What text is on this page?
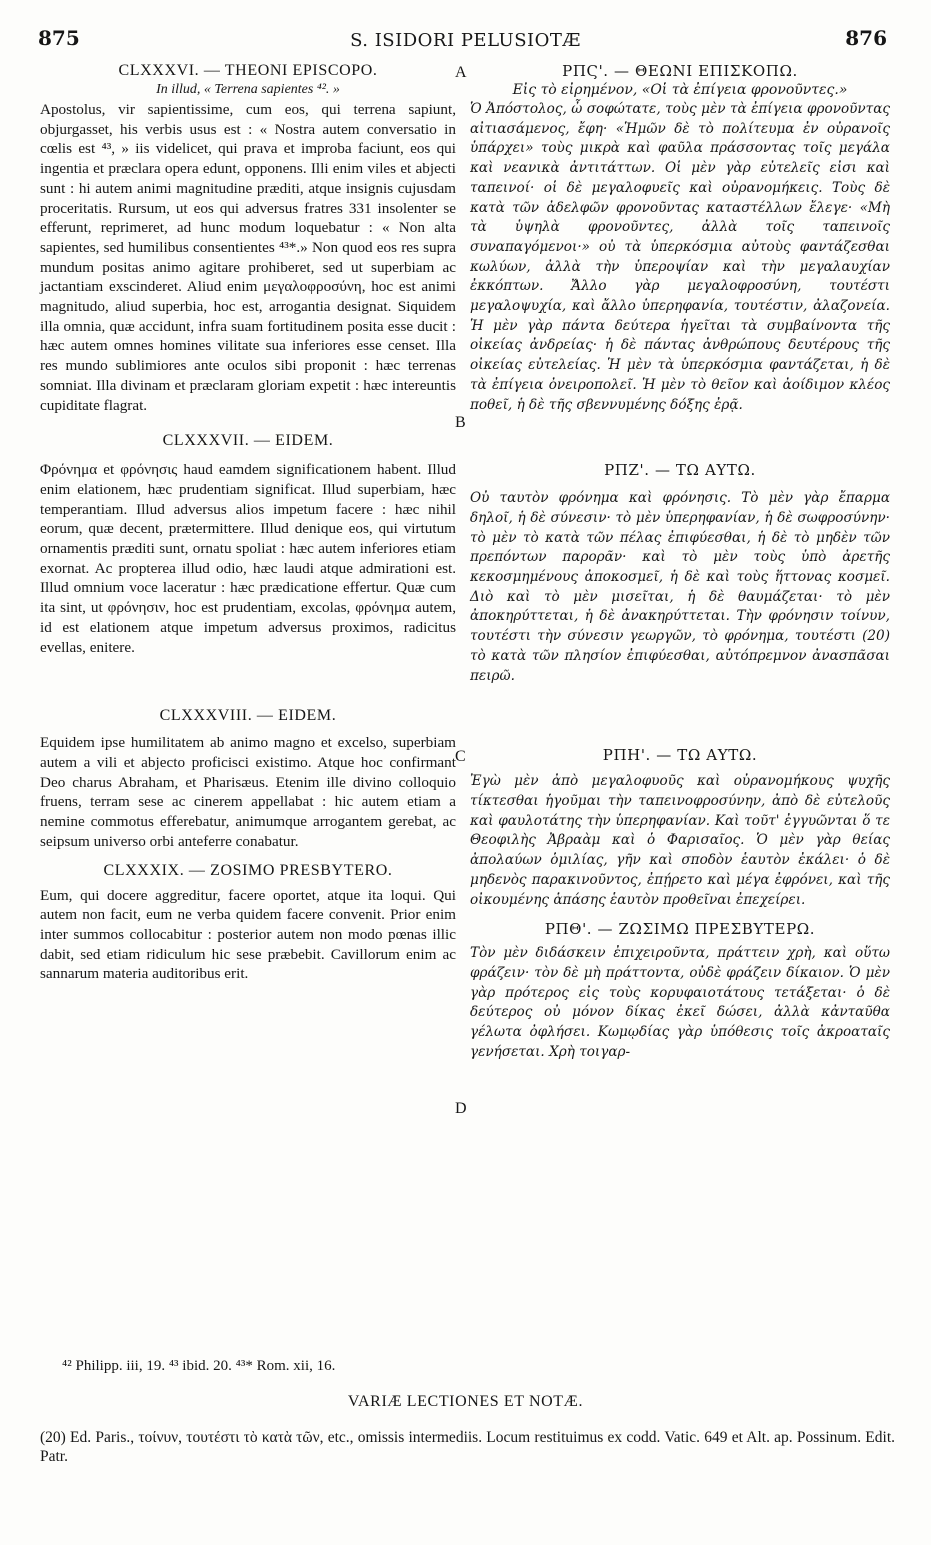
875	S. ISIDORI PELUSIOTÆ	876
CLXXXVI. — THEONI EPISCOPO.
In illud, « Terrena sapientes ⁴². »

Apostolus, vir sapientissime, cum eos, qui terrena sapiunt, objurgasset, his verbis usus est : « Nostra autem conversatio in cœlis est ⁴³, » iis videlicet, qui prava et improba faciunt, eos qui ingentia et præclara opera edunt, opponens. Illi enim viles et abjecti sunt : hi autem animi magnitudine præditi, atque insignis cujusdam proceritatis. Rursum, ut eos qui adversus fratres 331 insolenter se efferunt, reprimeret, ad hunc modum loquebatur : « Non alta sapientes, sed humilibus consentientes ⁴³*.» Non quod eos res supra mundum positas animo agitare prohiberet, sed ut superbiam ac jactantiam exscinderet. Aliud enim μεγαλοφροσύνη, hoc est animi magnitudo, aliud superbia, hoc est, arrogantia designat. Siquidem illa omnia, quæ accidunt, infra suam fortitudinem posita esse ducit : hæc autem omnes homines vilitate sua inferiores esse censet. Illa res mundo sublimiores ante oculos sibi proponit : hæc terrenas somniat. Illa divinam et præclaram gloriam expetit : hæc intereuntis cupiditate flagrat.

CLXXXVII. — EIDEM.

Φρόνημα et φρόνησις haud eamdem significationem habent. Illud enim elationem, hæc prudentiam significat. Illud superbiam, hæc temperantiam. Illud adversus alios impetum facere : hæc nihil eorum, quæ decent, prætermittere. Illud denique eos, qui virtutum ornamentis præditi sunt, ornatu spoliat : hæc autem inferiores etiam exornat. Ac propterea illud odio, hæc laudi atque admirationi est. Illud omnium voce laceratur : hæc prædicatione effertur. Quæ cum ita sint, ut φρόνησιν, hoc est prudentiam, excolas, φρόνημα autem, id est elationem atque impetum adversus proximos, radicitus evellas, enitere.

CLXXXVIII. — EIDEM.

Equidem ipse humilitatem ab animo magno et excelso, superbiam autem a vili et abjecto proficisci existimo. Atque hoc confirmant Deo charus Abraham, et Pharisæus. Etenim ille divino colloquio fruens, terram sese ac cinerem appellabat : hic autem etiam a nemine commotus efferebatur, animumque arrogantem gerebat, ac seipsum universo orbi anteferre conabatur.

CLXXXIX. — ZOSIMO PRESBYTERO.

Eum, qui docere aggreditur, facere oportet, atque ita loqui. Qui autem non facit, eum ne verba quidem facere convenit. Prior enim inter summos collocabitur : posterior autem non modo pœnas illic dabit, sed etiam ridiculum hic sese præbebit. Cavillorum enim ac sannarum materia auditoribus erit.

ΡΠϚ'. — ΘΕΩΝΙ ΕΠΙΣΚΟΠΩ.
Εἰς τὸ εἰρημένον, «Οἱ τὰ ἐπίγεια φρονοῦντες.»

Ὁ Ἀπόστολος, ὦ σοφώτατε, τοὺς μὲν τὰ ἐπίγεια φρονοῦντας αἰτιασάμενος, ἔφη· «Ἡμῶν δὲ τὸ πολίτευμα ἐν οὐρανοῖς ὑπάρχει» τοὺς μικρὰ καὶ φαῦλα πράσσοντας τοῖς μεγάλα καὶ νεανικὰ ἀντιτάττων. Οἱ μὲν γὰρ εὐτελεῖς εἰσι καὶ ταπεινοί· οἱ δὲ μεγαλοφυεῖς καὶ οὐρανομήκεις. Τοὺς δὲ κατὰ τῶν ἀδελφῶν φρονοῦντας καταστέλλων ἔλεγε· «Μὴ τὰ ὑψηλὰ φρονοῦντες, ἀλλὰ τοῖς ταπεινοῖς συναπαγόμενοι·» οὐ τὰ ὑπερκόσμια αὐτοὺς φαντάζεσθαι κωλύων, ἀλλὰ τὴν ὑπεροψίαν καὶ τὴν μεγαλαυχίαν ἐκκόπτων. Ἄλλο γὰρ μεγαλοφροσύνη, τουτέστι μεγαλοψυχία, καὶ ἄλλο ὑπερηφανία, τουτέστιν, ἀλαζονεία. Ἡ μὲν γὰρ πάντα δεύτερα ἡγεῖται τὰ συμβαίνοντα τῆς οἰκείας ἀνδρείας· ἡ δὲ πάντας ἀνθρώπους δευτέρους τῆς οἰκείας εὐτελείας. Ἡ μὲν τὰ ὑπερκόσμια φαντάζεται, ἡ δὲ τὰ ἐπίγεια ὀνειροπολεῖ. Ἡ μὲν τὸ θεῖον καὶ ἀοίδιμον κλέος ποθεῖ, ἡ δὲ τῆς σβεννυμένης δόξης ἐρᾷ.

ΡΠΖ'. — ΤΩ ΑΥΤΩ.

Οὐ ταυτὸν φρόνημα καὶ φρόνησις. Τὸ μὲν γὰρ ἔπαρμα δηλοῖ, ἡ δὲ σύνεσιν· τὸ μὲν ὑπερηφανίαν, ἡ δὲ σωφροσύνην· τὸ μὲν τὸ κατὰ τῶν πέλας ἐπιφύεσθαι, ἡ δὲ τὸ μηδὲν τῶν πρεπόντων παρορᾶν· καὶ τὸ μὲν τοὺς ὑπὸ ἀρετῆς κεκοσμημένους ἀποκοσμεῖ, ἡ δὲ καὶ τοὺς ἥττονας κοσμεῖ. Διὸ καὶ τὸ μὲν μισεῖται, ἡ δὲ θαυμάζεται· τὸ μὲν ἀποκηρύττεται, ἡ δὲ ἀνακηρύττεται. Τὴν φρόνησιν τοίνυν, τουτέστι τὴν σύνεσιν γεωργῶν, τὸ φρόνημα, τουτέστι (20) τὸ κατὰ τῶν πλησίον ἐπιφύεσθαι, αὐτόπρεμνον ἀνασπᾶσαι πειρῶ.

ΡΠΗ'. — ΤΩ ΑΥΤΩ.

Ἐγὼ μὲν ἀπὸ μεγαλοφυοῦς καὶ οὐρανομήκους ψυχῆς τίκτεσθαι ἡγοῦμαι τὴν ταπεινοφροσύνην, ἀπὸ δὲ εὐτελοῦς καὶ φαυλοτάτης τὴν ὑπερηφανίαν. Καὶ τοῦτ' ἐγγυῶνται ὅ τε Θεοφιλὴς Ἀβραὰμ καὶ ὁ Φαρισαῖος. Ὁ μὲν γὰρ θείας ἀπολαύων ὁμιλίας, γῆν καὶ σποδὸν ἑαυτὸν ἐκάλει· ὁ δὲ μηδενὸς παρακινοῦντος, ἐπῄρετο καὶ μέγα ἐφρόνει, καὶ τῆς οἰκουμένης ἁπάσης ἑαυτὸν προθεῖναι ἐπεχείρει.

ΡΠΘ'. — ΖΩΣΙΜΩ ΠΡΕΣΒΥΤΕΡΩ.

Τὸν μὲν διδάσκειν ἐπιχειροῦντα, πράττειν χρὴ, καὶ οὕτω φράζειν· τὸν δὲ μὴ πράττοντα, οὐδὲ φράζειν δίκαιον. Ὁ μὲν γὰρ πρότερος εἰς τοὺς κορυφαιοτάτους τετάξεται· ὁ δὲ δεύτερος οὐ μόνον δίκας ἐκεῖ δώσει, ἀλλὰ κἀνταῦθα γέλωτα ὀφλήσει. Κωμῳδίας γὰρ ὑπόθεσις τοῖς ἀκροαταῖς γενήσεται. Χρὴ τοιγαρ-

A
B
C
D
⁴² Philipp. iii, 19. ⁴³ ibid. 20. ⁴³* Rom. xii, 16.
VARIÆ LECTIONES ET NOTÆ.
(20) Ed. Paris., τοίνυν, τουτέστι τὸ κατὰ τῶν, etc., omissis intermediis. Locum restituimus ex codd. Vatic. 649 et Alt. ap. Possinum. Edit. Patr.
